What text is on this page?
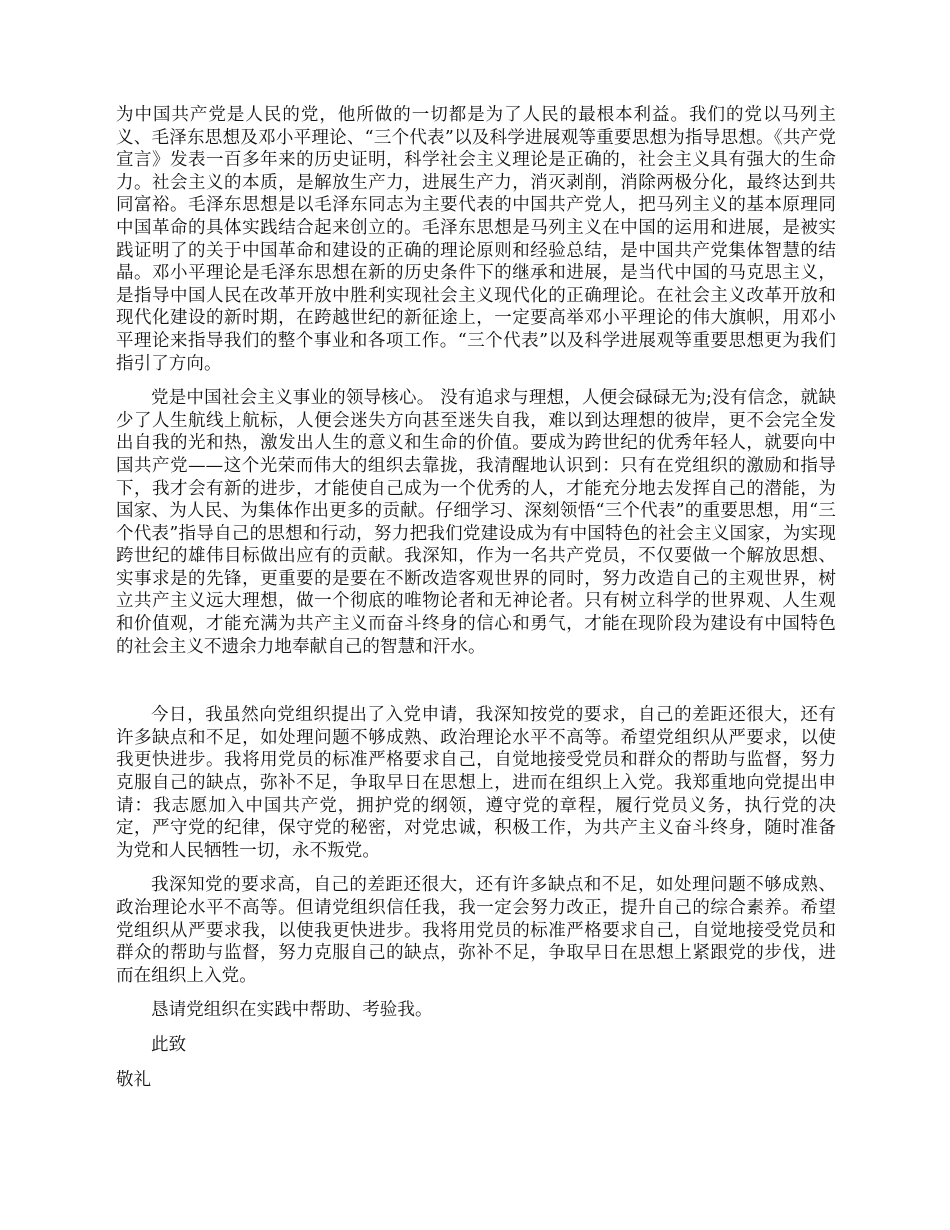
为中国共产党是人民的党，他所做的一切都是为了人民的最根本利益。我们的党以马列主义、毛泽东思想及邓小平理论、“三个代表”以及科学进展观等重要思想为指导思想。《共产党宣言》发表一百多年来的历史证明，科学社会主义理论是正确的，社会主义具有强大的生命力。社会主义的本质，是解放生产力，进展生产力，消灭剥削，消除两极分化，最终达到共同富裕。毛泽东思想是以毛泽东同志为主要代表的中国共产党人，把马列主义的基本原理同中国革命的具体实践结合起来创立的。毛泽东思想是马列主义在中国的运用和进展，是被实践证明了的关于中国革命和建设的正确的理论原则和经验总结，是中国共产党集体智慧的结晶。邓小平理论是毛泽东思想在新的历史条件下的继承和进展，是当代中国的马克思主义，是指导中国人民在改革开放中胜利实现社会主义现代化的正确理论。在社会主义改革开放和现代化建设的新时期，在跨越世纪的新征途上，一定要高举邓小平理论的伟大旗帜，用邓小平理论来指导我们的整个事业和各项工作。“三个代表”以及科学进展观等重要思想更为我们指引了方向。

党是中国社会主义事业的领导核心。 没有追求与理想，人便会碌碌无为;没有信念，就缺少了人生航线上航标，人便会迷失方向甚至迷失自我，难以到达理想的彼岸，更不会完全发出自我的光和热，激发出人生的意义和生命的价值。要成为跨世纪的优秀年轻人，就要向中国共产党——这个光荣而伟大的组织去靠拢，我清醒地认识到：只有在党组织的激励和指导下，我才会有新的进步，才能使自己成为一个优秀的人，才能充分地去发挥自己的潜能，为国家、为人民、为集体作出更多的贡献。仔细学习、深刻领悟“三个代表”的重要思想，用“三个代表”指导自己的思想和行动，努力把我们党建设成为有中国特色的社会主义国家，为实现跨世纪的雄伟目标做出应有的贡献。我深知，作为一名共产党员，不仅要做一个解放思想、实事求是的先锋，更重要的是要在不断改造客观世界的同时，努力改造自己的主观世界，树立共产主义远大理想，做一个彻底的唯物论者和无神论者。只有树立科学的世界观、人生观和价值观，才能充满为共产主义而奋斗终身的信心和勇气，才能在现阶段为建设有中国特色的社会主义不遗余力地奉献自己的智慧和汗水。

今日，我虽然向党组织提出了入党申请，我深知按党的要求，自己的差距还很大，还有许多缺点和不足，如处理问题不够成熟、政治理论水平不高等。希望党组织从严要求，以使我更快进步。我将用党员的标准严格要求自己，自觉地接受党员和群众的帮助与监督，努力克服自己的缺点，弥补不足，争取早日在思想上，进而在组织上入党。我郑重地向党提出申请：我志愿加入中国共产党，拥护党的纲领，遵守党的章程，履行党员义务，执行党的决定，严守党的纪律，保守党的秘密，对党忠诚，积极工作，为共产主义奋斗终身，随时准备为党和人民牺牲一切，永不叛党。

我深知党的要求高，自己的差距还很大，还有许多缺点和不足，如处理问题不够成熟、政治理论水平不高等。但请党组织信任我，我一定会努力改正，提升自己的综合素养。希望党组织从严要求我，以使我更快进步。我将用党员的标准严格要求自己，自觉地接受党员和群众的帮助与监督，努力克服自己的缺点，弥补不足，争取早日在思想上紧跟党的步伐，进而在组织上入党。

恳请党组织在实践中帮助、考验我。

此致

敬礼
